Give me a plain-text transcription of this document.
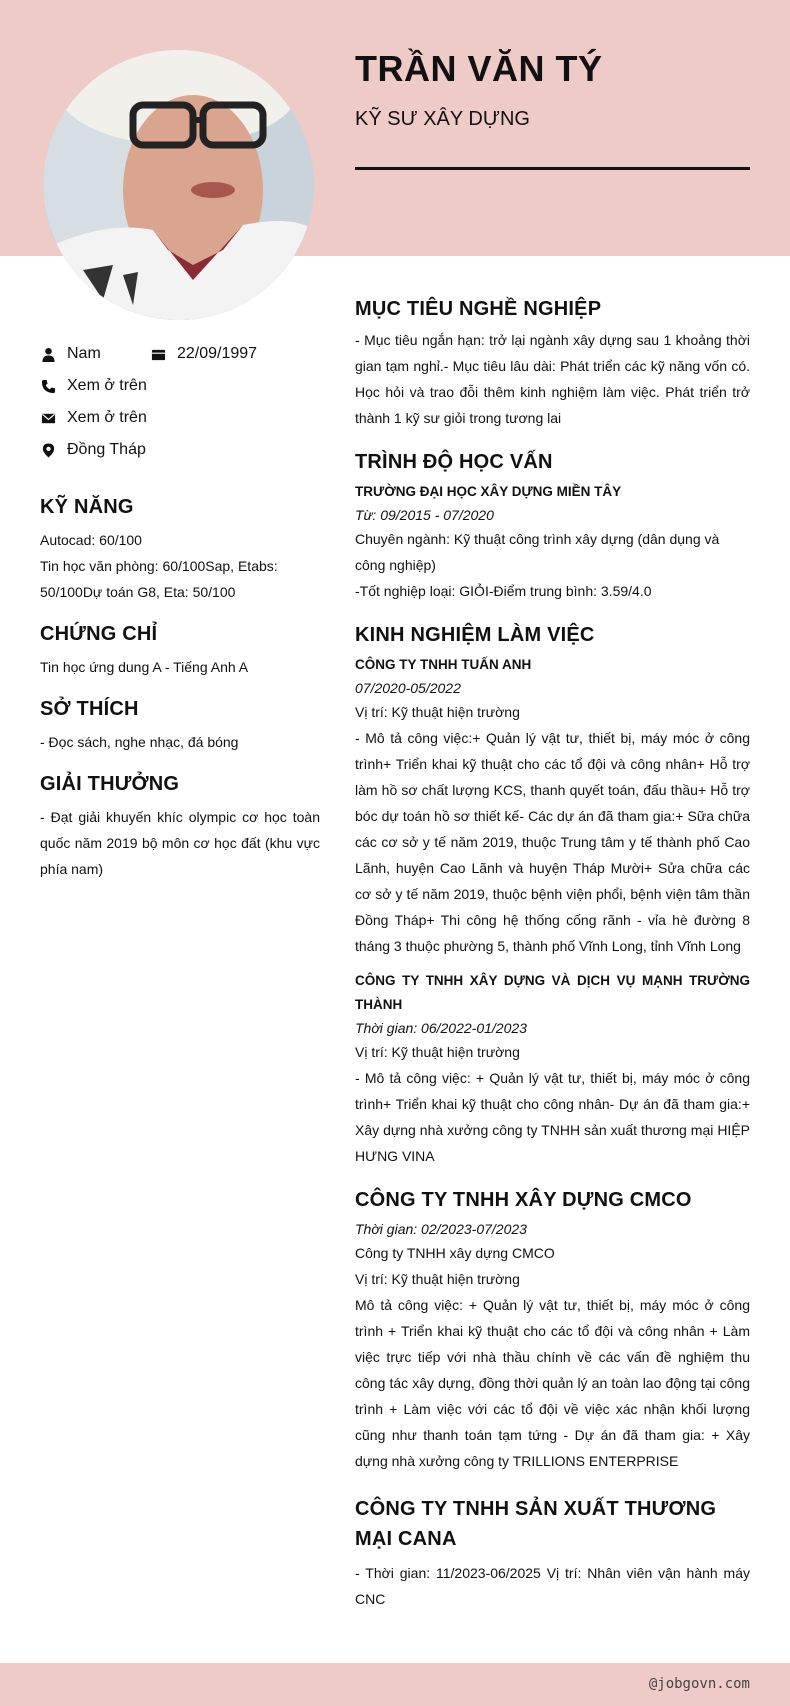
TRẦN VĂN TÝ
KỸ SƯ XÂY DỰNG
Nam	22/09/1997
Xem ở trên
Xem ở trên
Đồng Tháp
KỸ NĂNG
Autocad: 60/100
Tin học văn phòng: 60/100Sap, Etabs: 50/100Dự toán G8, Eta: 50/100
CHỨNG CHỈ
Tin học ứng dung A - Tiếng Anh A
SỞ THÍCH
- Đọc sách, nghe nhạc, đá bóng
GIẢI THƯỞNG
- Đạt giải khuyến khíc olympic cơ học toàn quốc năm 2019 bộ môn cơ học đất (khu vực phía nam)
MỤC TIÊU NGHỀ NGHIỆP
- Mục tiêu ngắn hạn: trở lại ngành xây dựng sau 1 khoảng thời gian tạm nghỉ.- Mục tiêu lâu dài: Phát triển các kỹ năng vốn có. Học hỏi và trao đỗi thêm kinh nghiệm làm việc. Phát triển trở thành 1 kỹ sư giỏi trong tương lai
TRÌNH ĐỘ HỌC VẤN
TRƯỜNG ĐẠI HỌC XÂY DỰNG MIỀN TÂY
Từ: 09/2015 - 07/2020
Chuyên ngành: Kỹ thuật công trình xây dựng (dân dụng và công nghiệp)
-Tốt nghiệp loại: GIỎI-Điểm trung bình: 3.59/4.0
KINH NGHIỆM LÀM VIỆC
CÔNG TY TNHH TUẤN ANH
07/2020-05/2022
Vị trí: Kỹ thuật hiện trường
- Mô tả công việc:+ Quản lý vật tư, thiết bị, máy móc ở công trình+ Triển khai kỹ thuật cho các tổ đội và công nhân+ Hỗ trợ làm hồ sơ chất lượng KCS, thanh quyết toán, đấu thầu+ Hỗ trợ bóc dự toán hồ sơ thiết kế- Các dự án đã tham gia:+ Sữa chữa các cơ sở y tế năm 2019, thuộc Trung tâm y tế thành phố Cao Lãnh, huyện Cao Lãnh và huyện Tháp Mười+ Sửa chữa các cơ sở y tế năm 2019, thuộc bệnh viện phổi, bệnh viện tâm thần Đồng Tháp+ Thi công hệ thống cống rãnh - vỉa hè đường 8 tháng 3 thuộc phường 5, thành phố Vĩnh Long, tỉnh Vĩnh Long
CÔNG TY TNHH XÂY DỰNG VÀ DỊCH VỤ MẠNH TRƯỜNG THÀNH
Thời gian: 06/2022-01/2023
Vị trí: Kỹ thuật hiện trường
- Mô tả công việc: + Quản lý vật tư, thiết bị, máy móc ở công trình+ Triển khai kỹ thuật cho công nhân- Dự án đã tham gia:+ Xây dựng nhà xưởng công ty TNHH sản xuất thương mại HIỆP HƯNG VINA
CÔNG TY TNHH XÂY DỰNG CMCO
Thời gian: 02/2023-07/2023
Công ty TNHH xây dựng CMCO
Vị trí: Kỹ thuật hiện trường
Mô tả công việc: + Quản lý vật tư, thiết bị, máy móc ở công trình + Triển khai kỹ thuật cho các tổ đội và công nhân + Làm việc trực tiếp với nhà thầu chính về các vấn đề nghiệm thu công tác xây dựng, đồng thời quản lý an toàn lao động tại công trình + Làm việc với các tổ đội về việc xác nhận khối lượng cũng như thanh toán tạm tứng - Dự án đã tham gia: + Xây dựng nhà xưởng công ty TRILLIONS ENTERPRISE
CÔNG TY TNHH SẢN XUẤT THƯƠNG MẠI CANA
- Thời gian: 11/2023-06/2025 Vị trí: Nhân viên vận hành máy CNC
@jobgovn.com
